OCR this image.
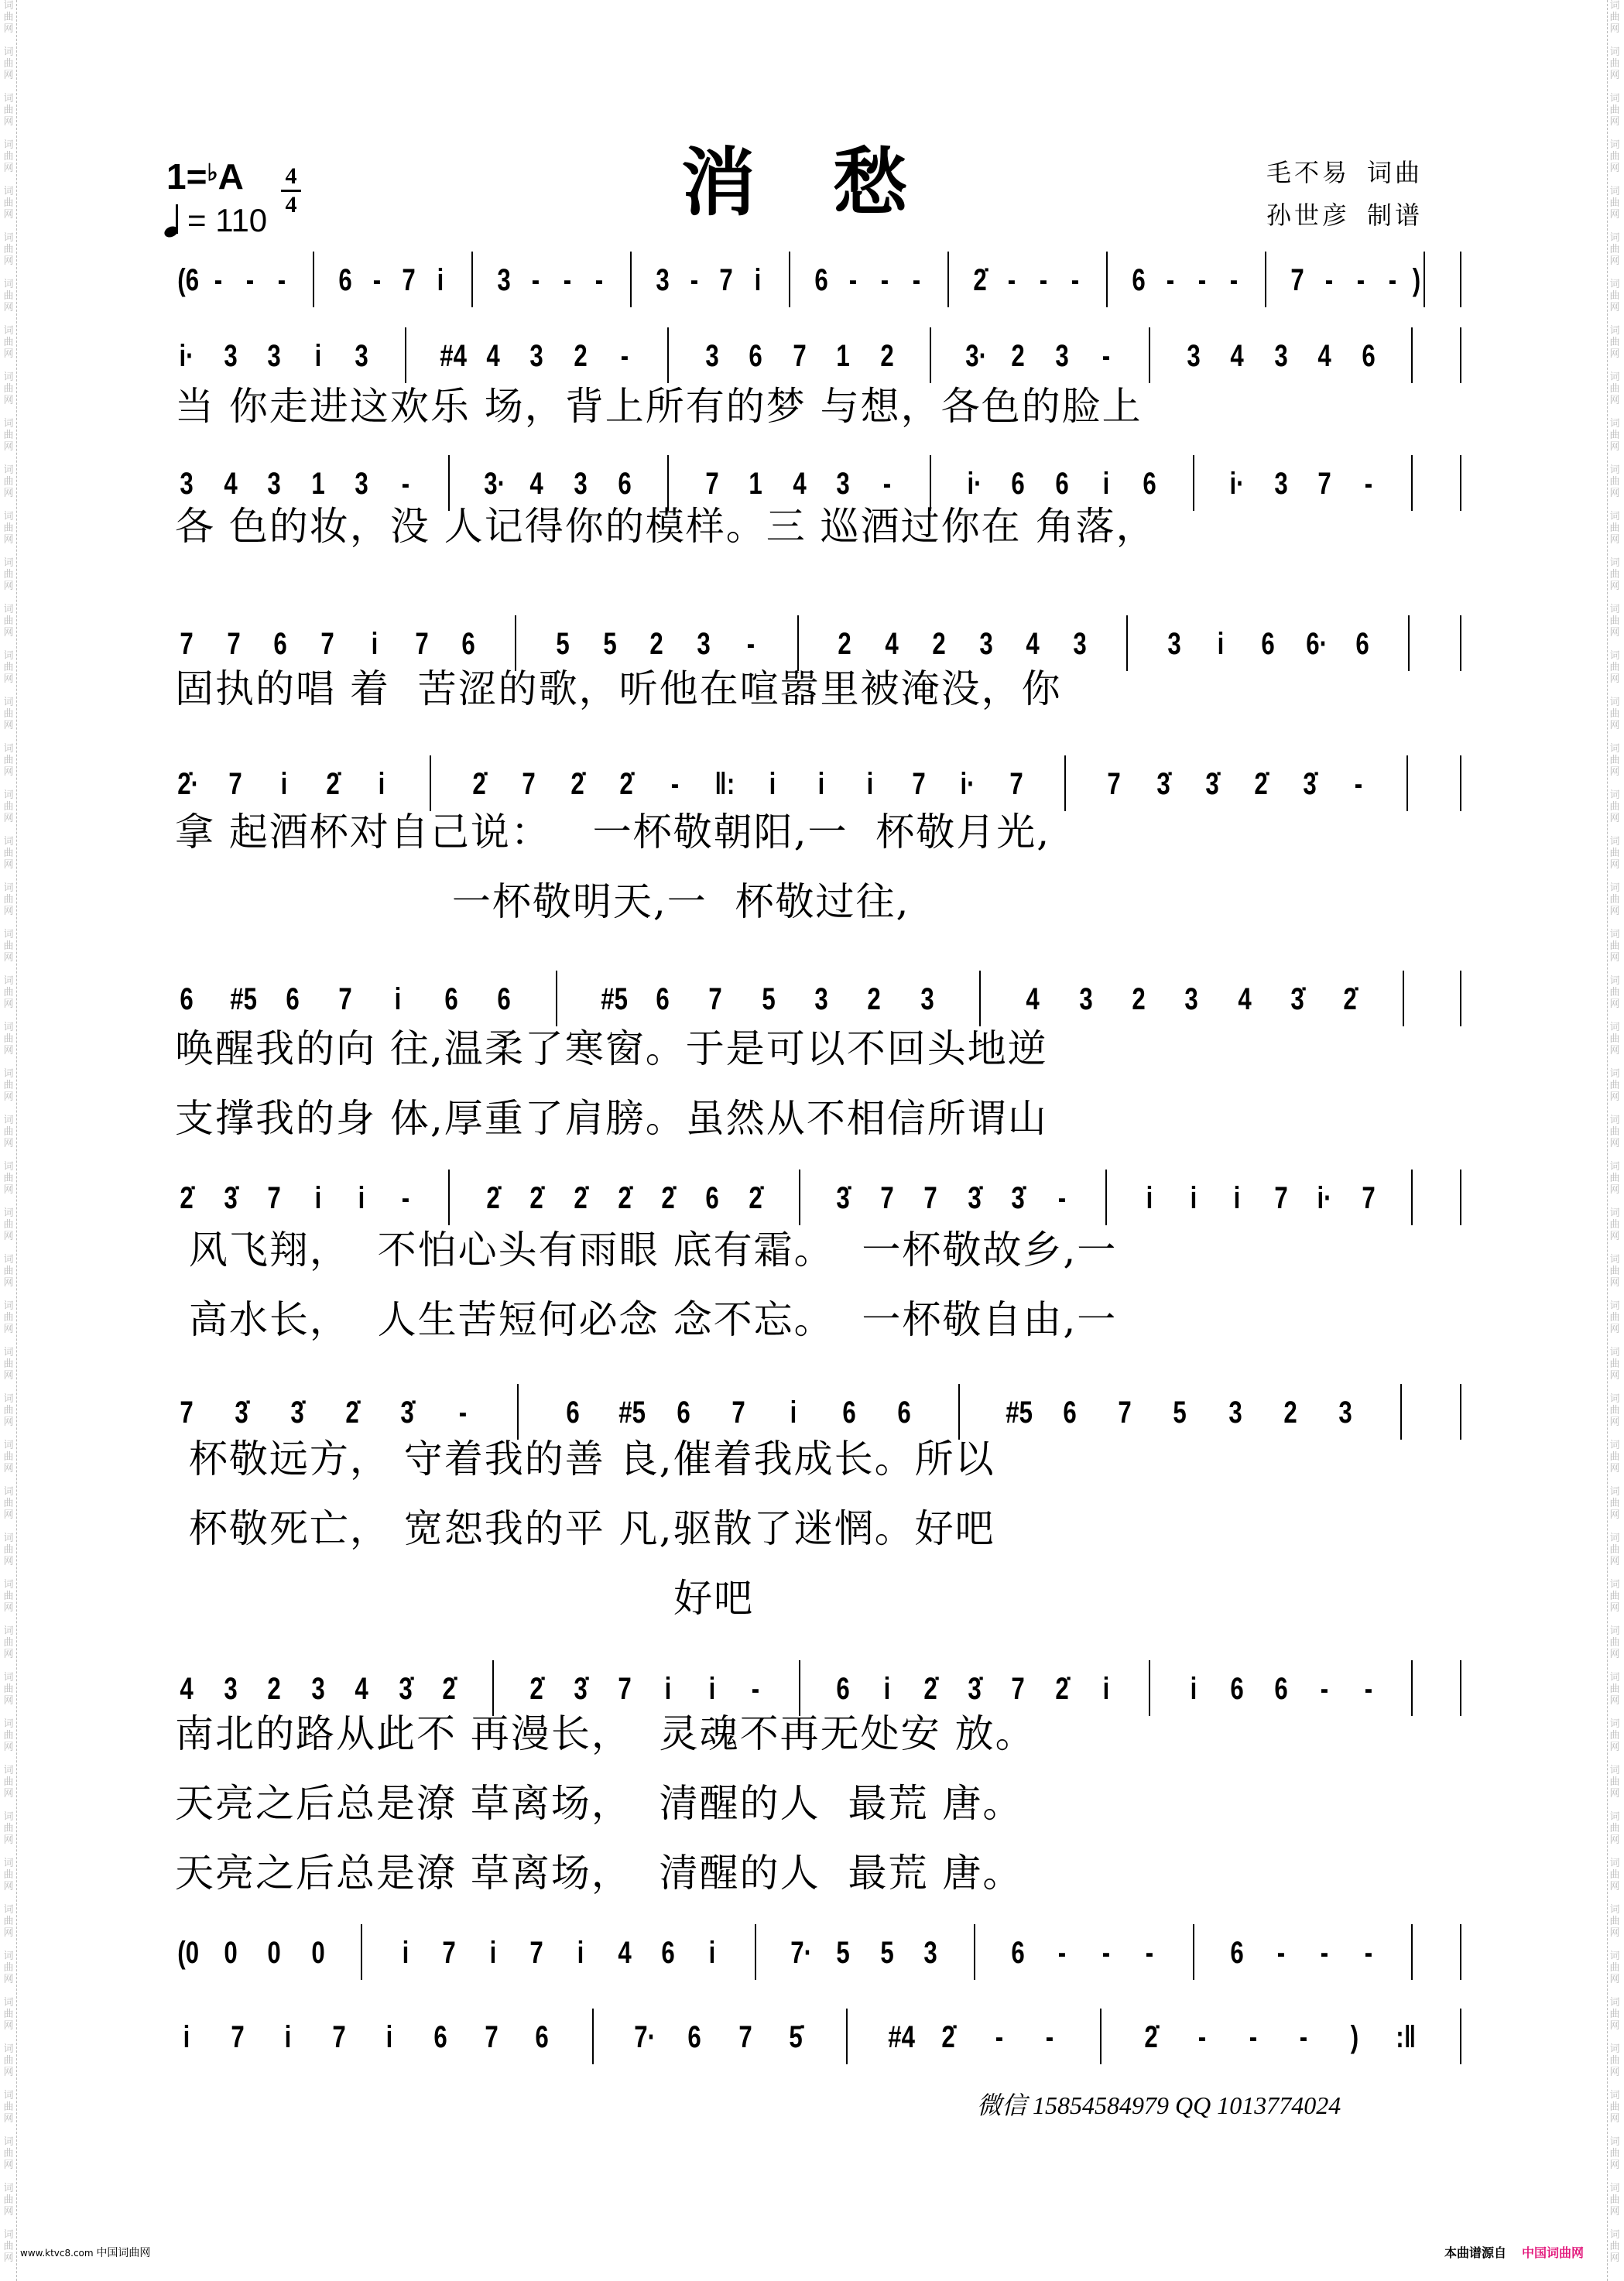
词
曲
网
词
曲
网
词
曲
网
词
曲
网
词
曲
网
词
曲
网
词
曲
网
词
曲
网
词
曲
网
词
曲
网
词
曲
网
词
曲
网
词
曲
网
词
曲
网
词
曲
网
词
曲
网
词
曲
网
词
曲
网
词
曲
网
词
曲
网
词
曲
网
词
曲
网
词
曲
网
词
曲
网
词
曲
网
词
曲
网
词
曲
网
词
曲
网
词
曲
网
词
曲
网
词
曲
网
词
曲
网
词
曲
网
词
曲
网
词
曲
网
词
曲
网
词
曲
网
词
曲
网
词
曲
网
词
曲
网
词
曲
网
词
曲
网
词
曲
网
词
曲
网
词
曲
网
词
曲
网
词
曲
网
词
曲
网
词
曲
网
词
曲
网
词
曲
网
词
曲
网
词
曲
网
词
曲
网
词
曲
网
词
曲
网
词
曲
网
词
曲
网
词
曲
网
词
曲
网
词
曲
网
词
曲
网
词
曲
网
词
曲
网
词
曲
网
词
曲
网
词
曲
网
词
曲
网
词
曲
网
词
曲
网
词
曲
网
词
曲
网
词
曲
网
词
曲
网
词
曲
网
词
曲
网
词
曲
网
词
曲
网
词
曲
网
词
曲
网
词
曲
网
词
曲
网
词
曲
网
词
曲
网
词
曲
网
词
曲
网
词
曲
网
词
曲
网
词
曲
网
词
曲
网
词
曲
网
词
曲
网
词
曲
网
词
曲
网
词
曲
网
词
曲
网
词
曲
网
词
曲
网
1=♭A 4
4
= 110	消愁	毛不易 词曲
孙世彦 制谱
(6 - - - 6 - 7 i 3 - - - 3 - 7 i 6 - - - 2̇ - - - 6 - - - 7 - - - )
i· 3 3 i 3 #4 4 3 2 - 3 6 7 1 2 3· 2 3 - 3 4 3 4 6
当 你走进这欢乐 场，背上所有的梦 与想，各色的脸上
3 4 3 1 3 - 3· 4 3 6 7 1 4 3 - i· 6 6 i 6 i· 3 7 -
各 色的妆，没 人记得你的模样。三 巡酒过你在 角落，
7 7 6 7 i 7 6	5 5 2 3 -	2 4 2 3 4 3	3 i 6 6· 6
固执的唱 着  苦涩的歌，听他在喧嚣里被淹没，你
2̇· 7 i 2̇ i	2̇ 7 2̇ 2̇ - ‖: i i i 7 i· 7	7 3̇ 3̇ 2̇ 3̇ -
拿 起酒杯对自己说：   一杯敬朝阳,一  杯敬月光,
一杯敬明天,一  杯敬过往,
6 #5 6 7 i 6 6	#5 6 7 5 3 2 3	4 3 2 3 4 3̇ 2̇
唤醒我的向 往,温柔了寒窗。于是可以不回头地逆
支撑我的身 体,厚重了肩膀。虽然从不相信所谓山
2̇ 3̇ 7 i i - 2̇ 2̇ 2̇ 2̇ 2̇ 6 2̇ 3̇ 7 7 3̇ 3̇ -	i i i 7 i· 7
风飞翔，  不怕心头有雨眼 底有霜。  一杯敬故乡,一
高水长，  人生苦短何必念 念不忘。  一杯敬自由,一
7 3̇ 3̇ 2̇ 3̇ -	6 #5 6 7 i 6 6	#5 6 7 5 3 2 3
杯敬远方， 守着我的善 良,催着我成长。所以
杯敬死亡， 宽恕我的平 凡,驱散了迷惘。好吧
好吧
4 3 2 3 4 3̇ 2̇ 2̇ 3̇ 7 i i - 6 i 2̇ 3̇ 7 2̇ i	i 6 6 - -
南北的路从此不 再漫长，  灵魂不再无处安 放。
天亮之后总是潦 草离场，  清醒的人  最荒 唐。
天亮之后总是潦 草离场，  清醒的人  最荒 唐。
(0 0 0 0	i 7 i 7 i 4 6 i 7· 5 5 3 6 - - - 6 - - -
i 7 i 7 i 6 7 6	7· 6 7 5̇	#4 2̇ - -	2̇ - - - ) :‖
微信 15854584979 QQ 1013774024
www.ktvc8.com 中国词曲网	本曲谱源自 中国词曲网
